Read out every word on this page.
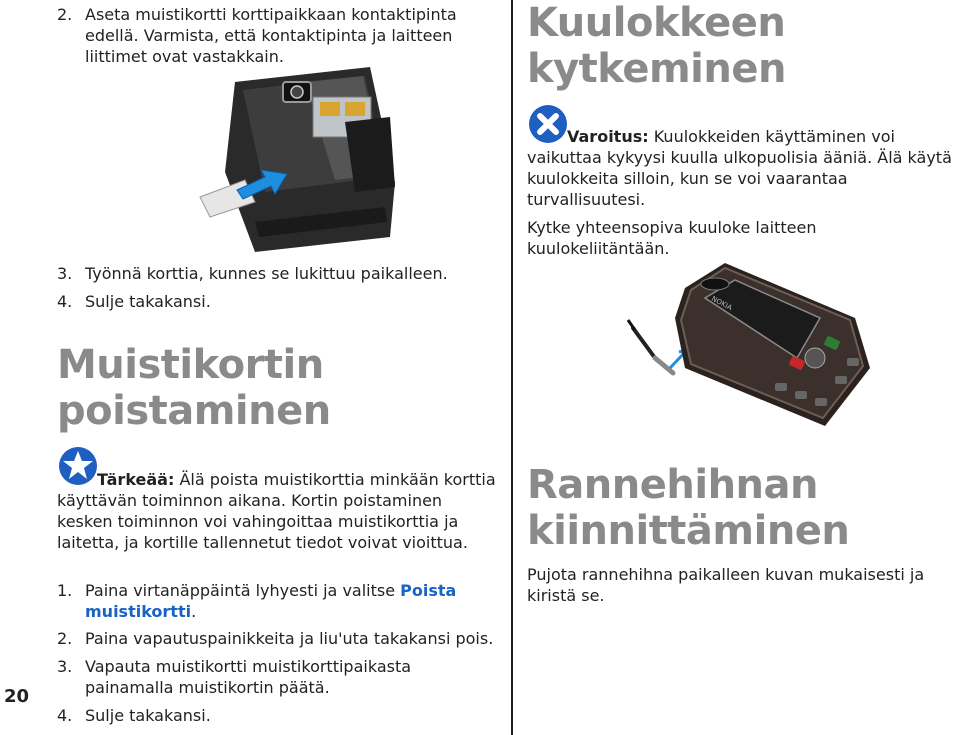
2. Aseta muistikortti korttipaikkaan kontaktipinta edellä. Varmista, että kontaktipinta ja laitteen liittimet ovat vastakkain.
3. Työnnä korttia, kunnes se lukittuu paikalleen.
4. Sulje takakansi.
Muistikortin
poistaminen
Tärkeää: Älä poista muistikorttia minkään korttia käyttävän toiminnon aikana. Kortin poistaminen kesken toiminnon voi vahingoittaa muistikorttia ja laitetta, ja kortille tallennetut tiedot voivat vioittua.
1. Paina virtanäppäintä lyhyesti ja valitse Poista muistikortti.
2. Paina vapautuspainikkeita ja liu'uta takakansi pois.
3. Vapauta muistikortti muistikorttipaikasta painamalla muistikortin päätä.
4. Sulje takakansi.
20
Kuulokkeen
kytkeminen
Varoitus: Kuulokkeiden käyttäminen voi vaikuttaa kykyysi kuulla ulkopuolisia ääniä. Älä käytä kuulokkeita silloin, kun se voi vaarantaa turvallisuutesi.
Kytke yhteensopiva kuuloke laitteen kuulokeliitäntään.
NOKIA
Rannehihnan
kiinnittäminen
Pujota rannehihna paikalleen kuvan mukaisesti ja kiristä se.
